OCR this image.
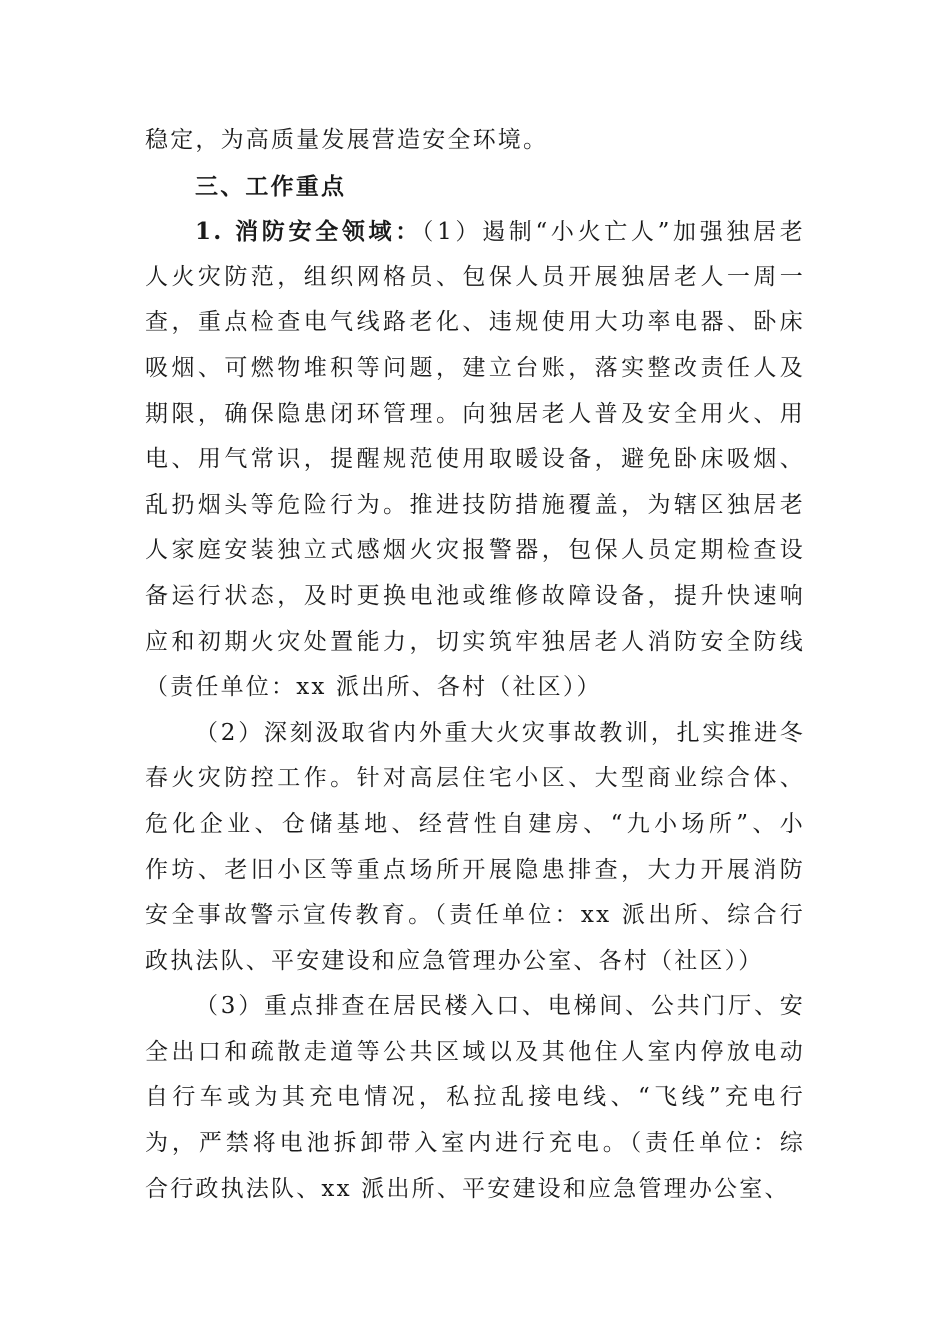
稳定，为高质量发展营造安全环境。
三、工作重点
1. 消防安全领域：（1）遏制“小火亡人”加强独居老
人火灾防范，组织网格员、包保人员开展独居老人一周一
查，重点检查电气线路老化、违规使用大功率电器、卧床
吸烟、可燃物堆积等问题，建立台账，落实整改责任人及
期限，确保隐患闭环管理。向独居老人普及安全用火、用
电、用气常识，提醒规范使用取暖设备，避免卧床吸烟、
乱扔烟头等危险行为。推进技防措施覆盖，为辖区独居老
人家庭安装独立式感烟火灾报警器，包保人员定期检查设
备运行状态，及时更换电池或维修故障设备，提升快速响
应和初期火灾处置能力，切实筑牢独居老人消防安全防线
（责任单位：xx 派出所、各村（社区））
（2）深刻汲取省内外重大火灾事故教训，扎实推进冬
春火灾防控工作。针对高层住宅小区、大型商业综合体、
危化企业、仓储基地、经营性自建房、“九小场所”、小
作坊、老旧小区等重点场所开展隐患排查，大力开展消防
安全事故警示宣传教育。（责任单位：xx 派出所、综合行
政执法队、平安建设和应急管理办公室、各村（社区））
（3）重点排查在居民楼入口、电梯间、公共门厅、安
全出口和疏散走道等公共区域以及其他住人室内停放电动
自行车或为其充电情况，私拉乱接电线、“飞线”充电行
为，严禁将电池拆卸带入室内进行充电。（责任单位：综
合行政执法队、xx 派出所、平安建设和应急管理办公室、
